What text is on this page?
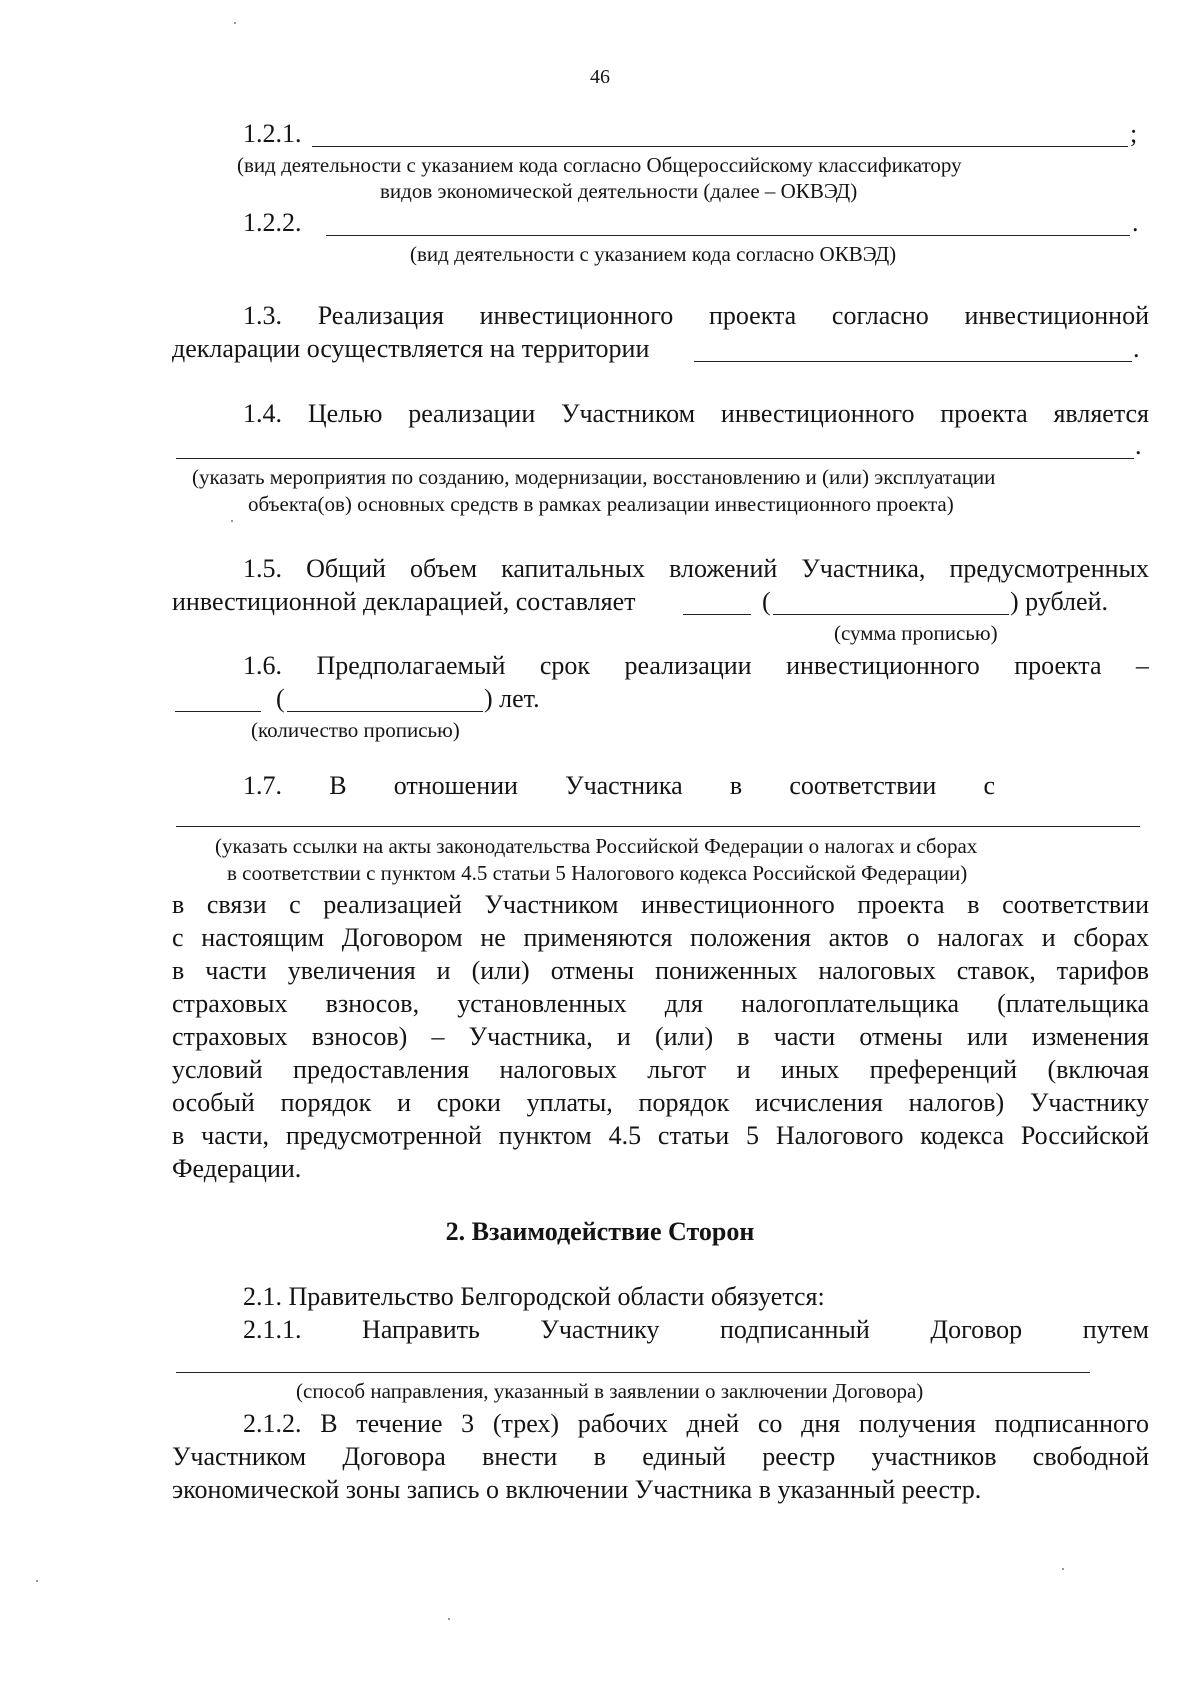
46
1.2.1.	;
(вид деятельности с указанием кода согласно Общероссийскому классификатору
видов экономической деятельности (далее – ОКВЭД)
1.2.2.	.
(вид деятельности с указанием кода согласно ОКВЭД)
1.3. Реализация инвестиционного проекта согласно инвестиционной
декларации осуществляется на территории	.
1.4. Целью реализации Участником инвестиционного проекта является
.
(указать мероприятия по созданию, модернизации, восстановлению и (или) эксплуатации
объекта(ов) основных средств в рамках реализации инвестиционного проекта)
1.5. Общий объем капитальных вложений Участника, предусмотренных
инвестиционной декларацией, составляет	(	) рублей.
(сумма прописью)
1.6. Предполагаемый срок реализации инвестиционного проекта –
(	) лет.
(количество прописью)
1.7. В отношении Участника в соответствии с
(указать ссылки на акты законодательства Российской Федерации о налогах и сборах
в соответствии с пунктом 4.5 статьи 5 Налогового кодекса Российской Федерации)
в связи с реализацией Участником инвестиционного проекта в соответствии
с настоящим Договором не применяются положения актов о налогах и сборах
в части увеличения и (или) отмены пониженных налоговых ставок, тарифов
страховых взносов, установленных для налогоплательщика (плательщика
страховых взносов) – Участника, и (или) в части отмены или изменения
условий предоставления налоговых льгот и иных преференций (включая
особый порядок и сроки уплаты, порядок исчисления налогов) Участнику
в части, предусмотренной пунктом 4.5 статьи 5 Налогового кодекса Российской
Федерации.
2. Взаимодействие Сторон
2.1. Правительство Белгородской области обязуется:
2.1.1. Направить Участнику подписанный Договор путем
(способ направления, указанный в заявлении о заключении Договора)
2.1.2. В течение 3 (трех) рабочих дней со дня получения подписанного
Участником Договора внести в единый реестр участников свободной
экономической зоны запись о включении Участника в указанный реестр.
